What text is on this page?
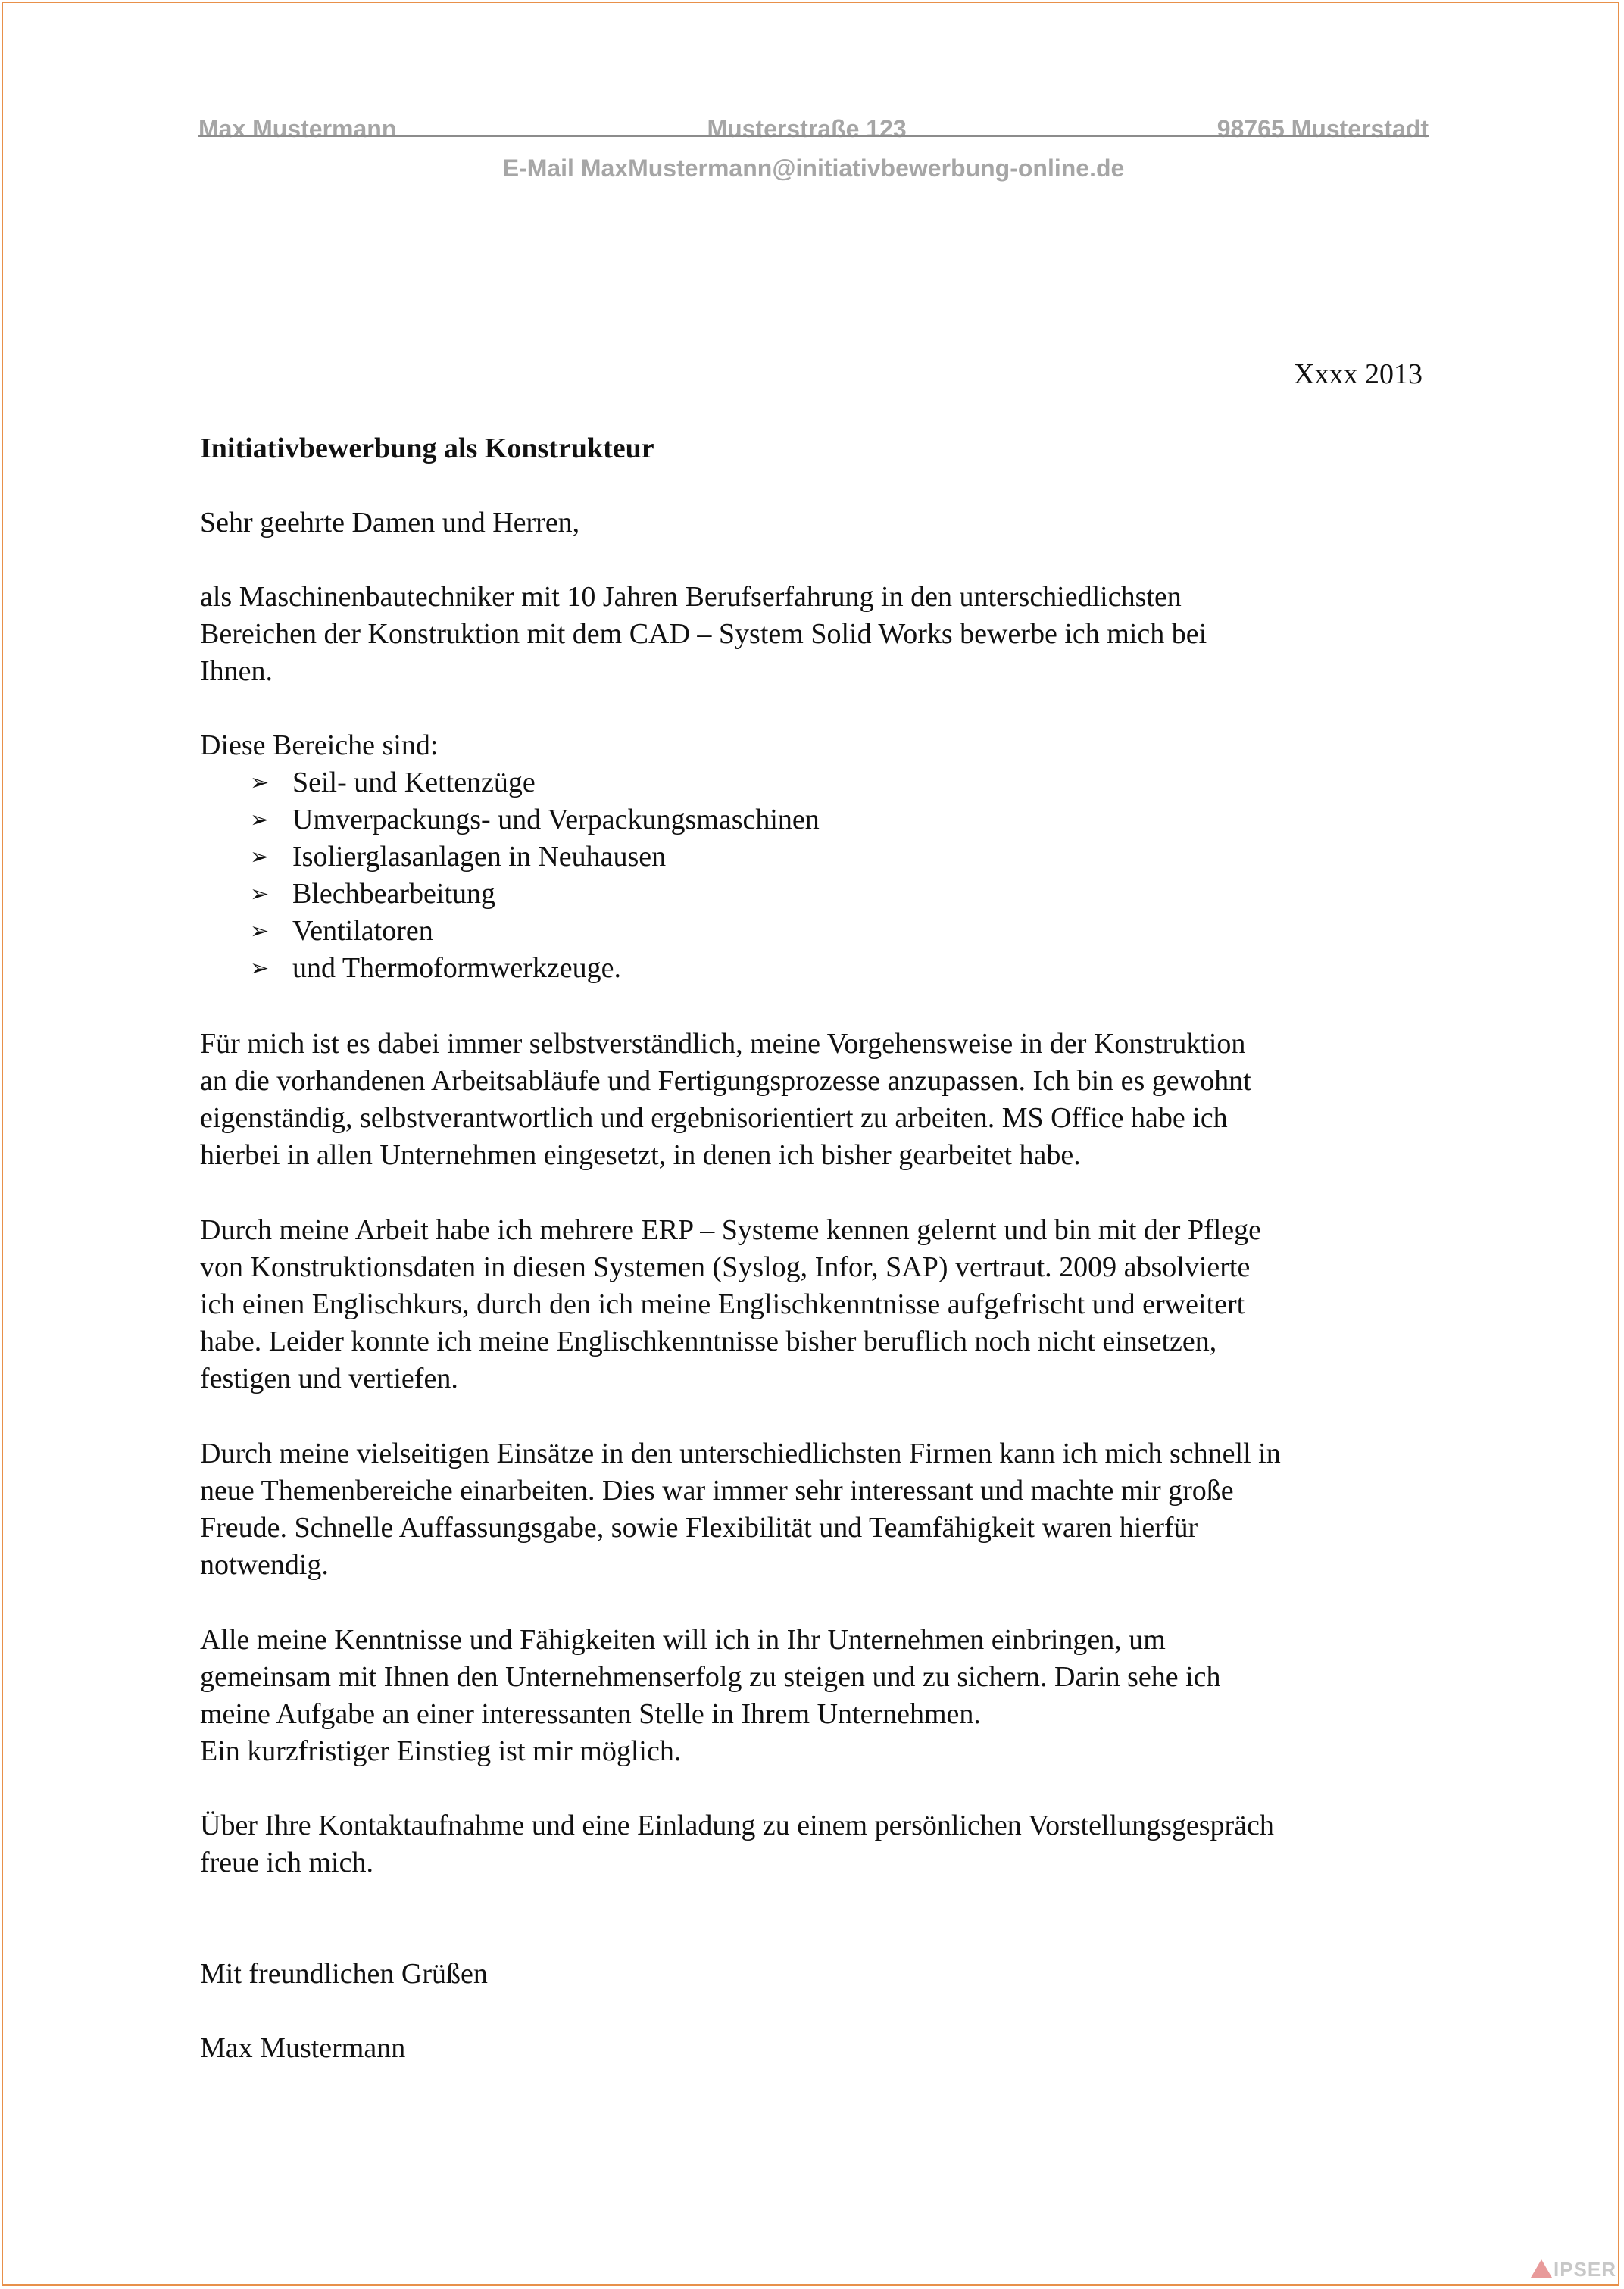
Max Mustermann	Musterstraße 123	98765 Musterstadt
E-Mail MaxMustermann@initiativbewerbung-online.de
Xxxx 2013
Initiativbewerbung als Konstrukteur
Sehr geehrte Damen und Herren,
als Maschinenbautechniker mit 10 Jahren Berufserfahrung in den unterschiedlichsten
Bereichen der Konstruktion mit dem CAD – System Solid Works bewerbe ich mich bei
Ihnen.
Diese Bereiche sind:
➢ Seil- und Kettenzüge
➢ Umverpackungs- und Verpackungsmaschinen
➢ Isolierglasanlagen in Neuhausen
➢ Blechbearbeitung
➢ Ventilatoren
➢ und Thermoformwerkzeuge.
Für mich ist es dabei immer selbstverständlich, meine Vorgehensweise in der Konstruktion
an die vorhandenen Arbeitsabläufe und Fertigungsprozesse anzupassen. Ich bin es gewohnt
eigenständig, selbstverantwortlich und ergebnisorientiert zu arbeiten. MS Office habe ich
hierbei in allen Unternehmen eingesetzt, in denen ich bisher gearbeitet habe.
Durch meine Arbeit habe ich mehrere ERP – Systeme kennen gelernt und bin mit der Pflege
von Konstruktionsdaten in diesen Systemen (Syslog, Infor, SAP) vertraut. 2009 absolvierte
ich einen Englischkurs, durch den ich meine Englischkenntnisse aufgefrischt und erweitert
habe. Leider konnte ich meine Englischkenntnisse bisher beruflich noch nicht einsetzen,
festigen und vertiefen.
Durch meine vielseitigen Einsätze in den unterschiedlichsten Firmen kann ich mich schnell in
neue Themenbereiche einarbeiten. Dies war immer sehr interessant und machte mir große
Freude. Schnelle Auffassungsgabe, sowie Flexibilität und Teamfähigkeit waren hierfür
notwendig.
Alle meine Kenntnisse und Fähigkeiten will ich in Ihr Unternehmen einbringen, um
gemeinsam mit Ihnen den Unternehmenserfolg zu steigen und zu sichern. Darin sehe ich
meine Aufgabe an einer interessanten Stelle in Ihrem Unternehmen.
Ein kurzfristiger Einstieg ist mir möglich.
Über Ihre Kontaktaufnahme und eine Einladung zu einem persönlichen Vorstellungsgespräch
freue ich mich.
Mit freundlichen Grüßen
Max Mustermann
IPSER
